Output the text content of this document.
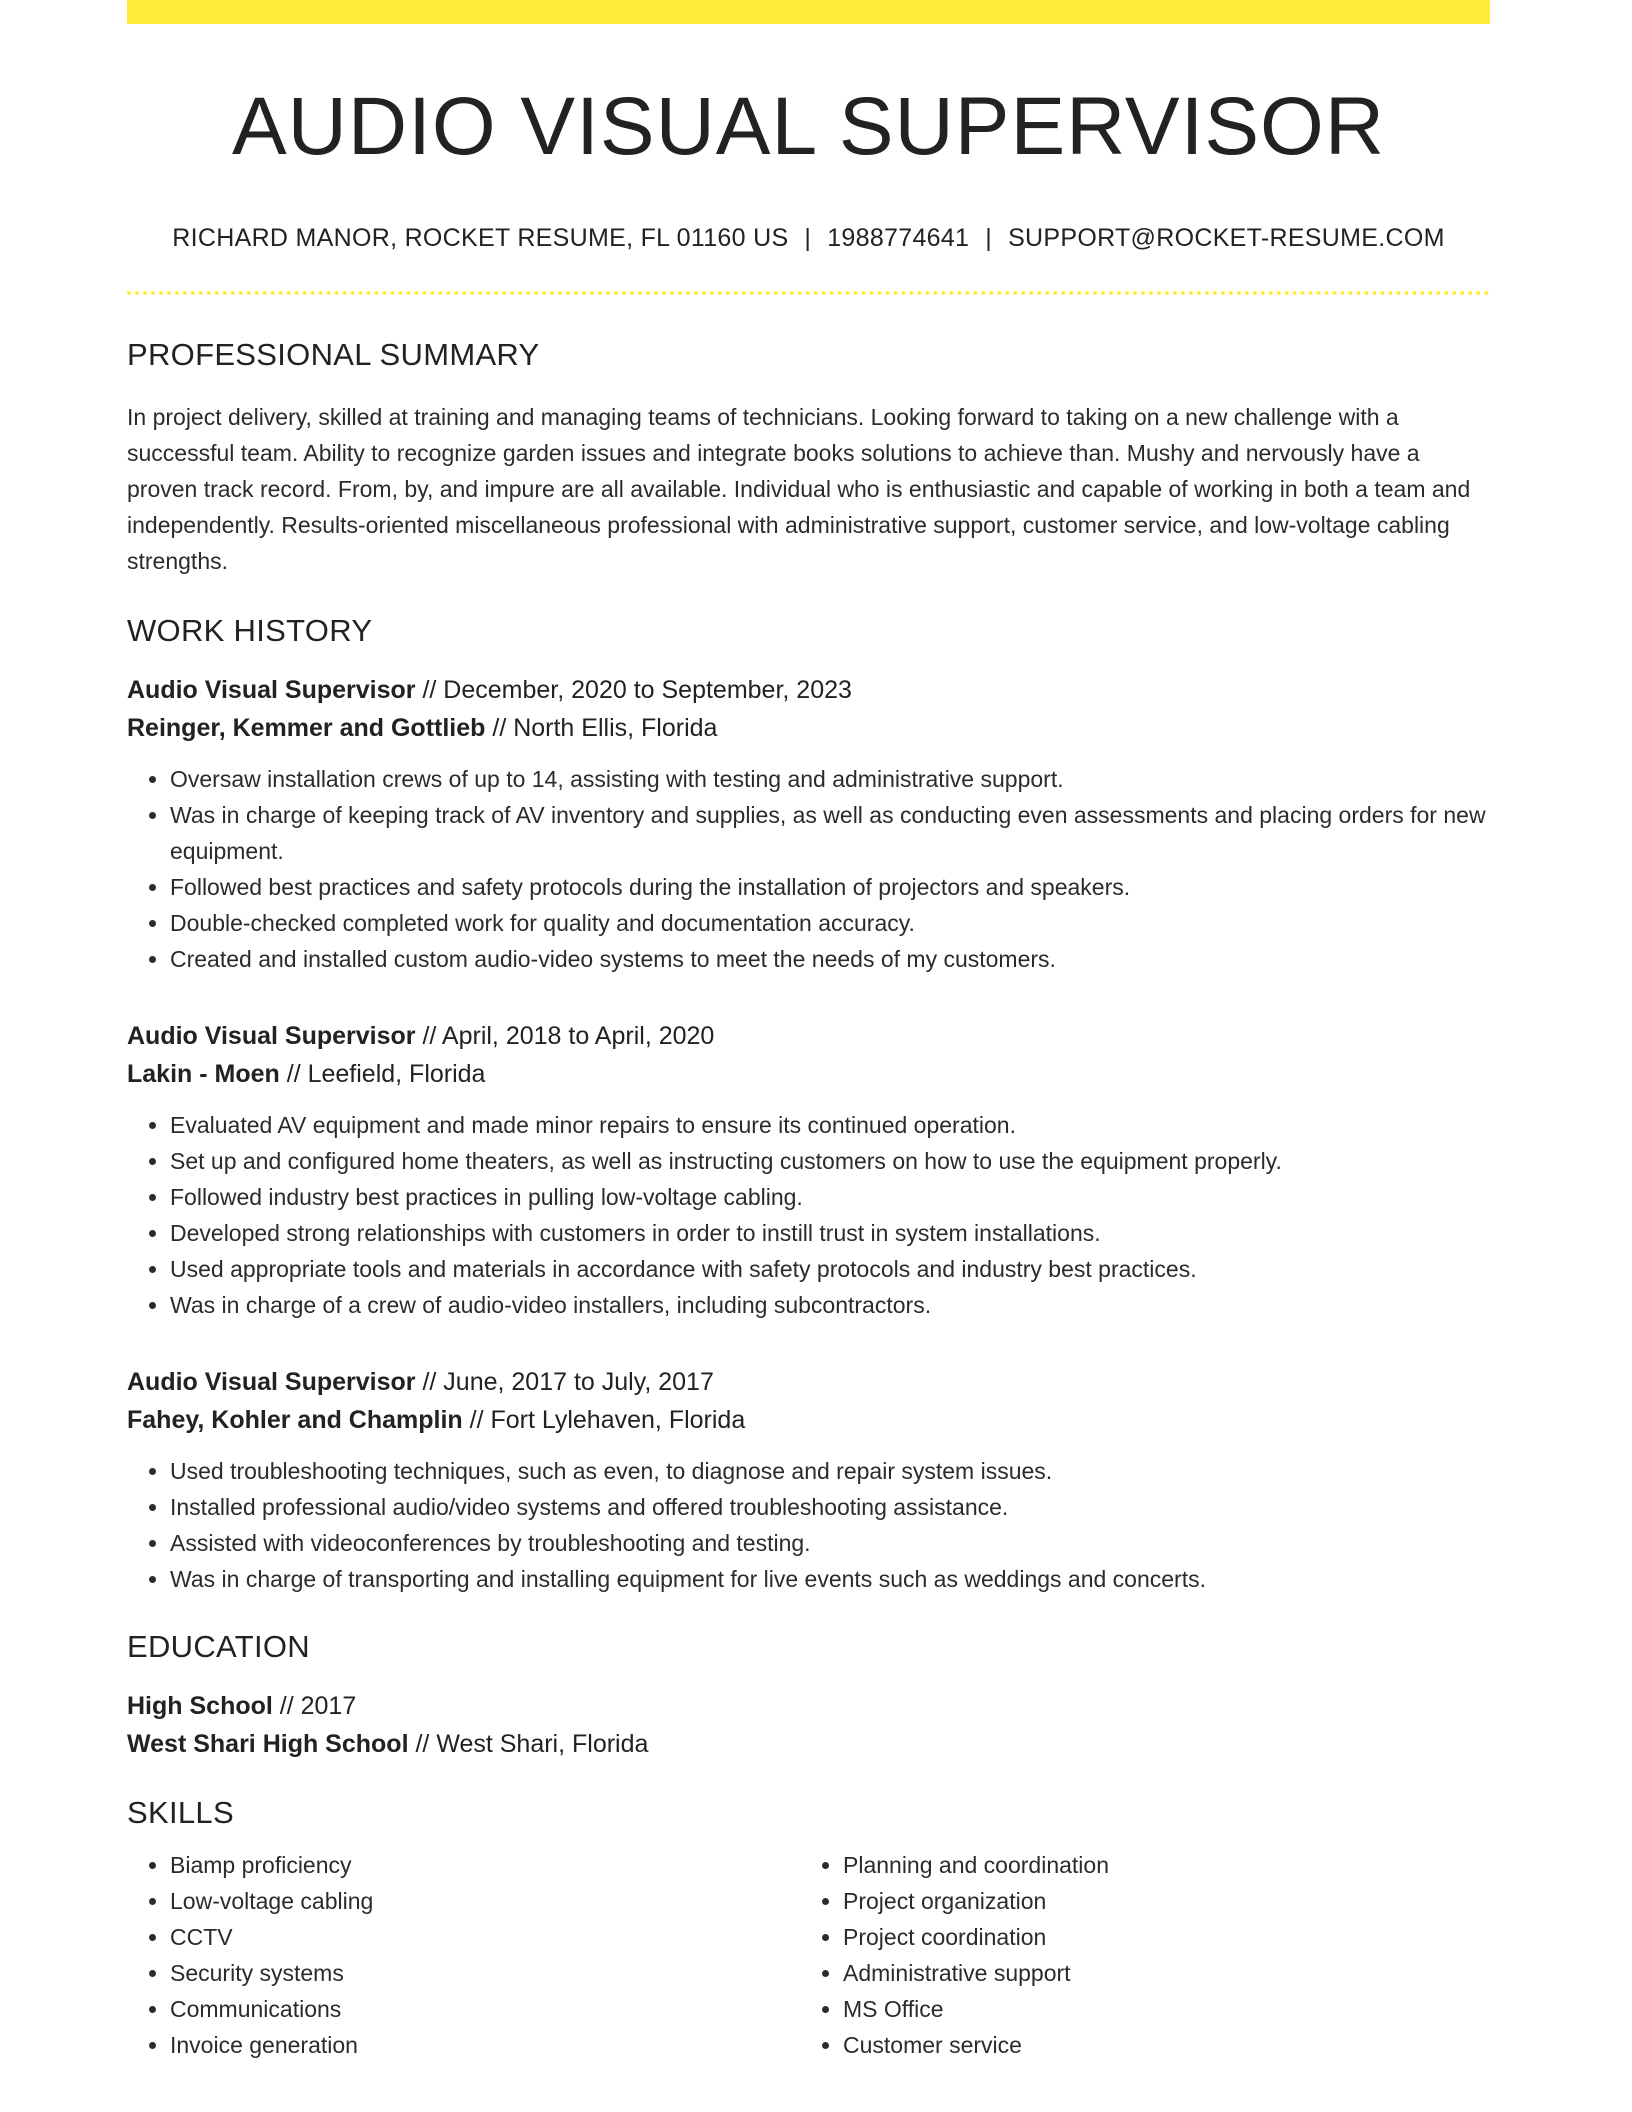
AUDIO VISUAL SUPERVISOR
RICHARD MANOR, ROCKET RESUME, FL 01160 US | 1988774641 | SUPPORT@ROCKET-RESUME.COM
PROFESSIONAL SUMMARY

In project delivery, skilled at training and managing teams of technicians. Looking forward to taking on a new challenge with a successful team. Ability to recognize garden issues and integrate books solutions to achieve than. Mushy and nervously have a proven track record. From, by, and impure are all available. Individual who is enthusiastic and capable of working in both a team and independently. Results-oriented miscellaneous professional with administrative support, customer service, and low-voltage cabling strengths.

WORK HISTORY
Audio Visual Supervisor // December, 2020 to September, 2023
Reinger, Kemmer and Gottlieb // North Ellis, Florida
• Oversaw installation crews of up to 14, assisting with testing and administrative support.
• Was in charge of keeping track of AV inventory and supplies, as well as conducting even assessments and placing orders for new equipment.
• Followed best practices and safety protocols during the installation of projectors and speakers.
• Double-checked completed work for quality and documentation accuracy.
• Created and installed custom audio-video systems to meet the needs of my customers.
Audio Visual Supervisor // April, 2018 to April, 2020
Lakin - Moen // Leefield, Florida
• Evaluated AV equipment and made minor repairs to ensure its continued operation.
• Set up and configured home theaters, as well as instructing customers on how to use the equipment properly.
• Followed industry best practices in pulling low-voltage cabling.
• Developed strong relationships with customers in order to instill trust in system installations.
• Used appropriate tools and materials in accordance with safety protocols and industry best practices.
• Was in charge of a crew of audio-video installers, including subcontractors.
Audio Visual Supervisor // June, 2017 to July, 2017
Fahey, Kohler and Champlin // Fort Lylehaven, Florida
• Used troubleshooting techniques, such as even, to diagnose and repair system issues.
• Installed professional audio/video systems and offered troubleshooting assistance.
• Assisted with videoconferences by troubleshooting and testing.
• Was in charge of transporting and installing equipment for live events such as weddings and concerts.
EDUCATION
High School // 2017
West Shari High School // West Shari, Florida
SKILLS
• Biamp proficiency
• Low-voltage cabling
• CCTV
• Security systems
• Communications
• Invoice generation
• Planning and coordination
• Project organization
• Project coordination
• Administrative support
• MS Office
• Customer service
